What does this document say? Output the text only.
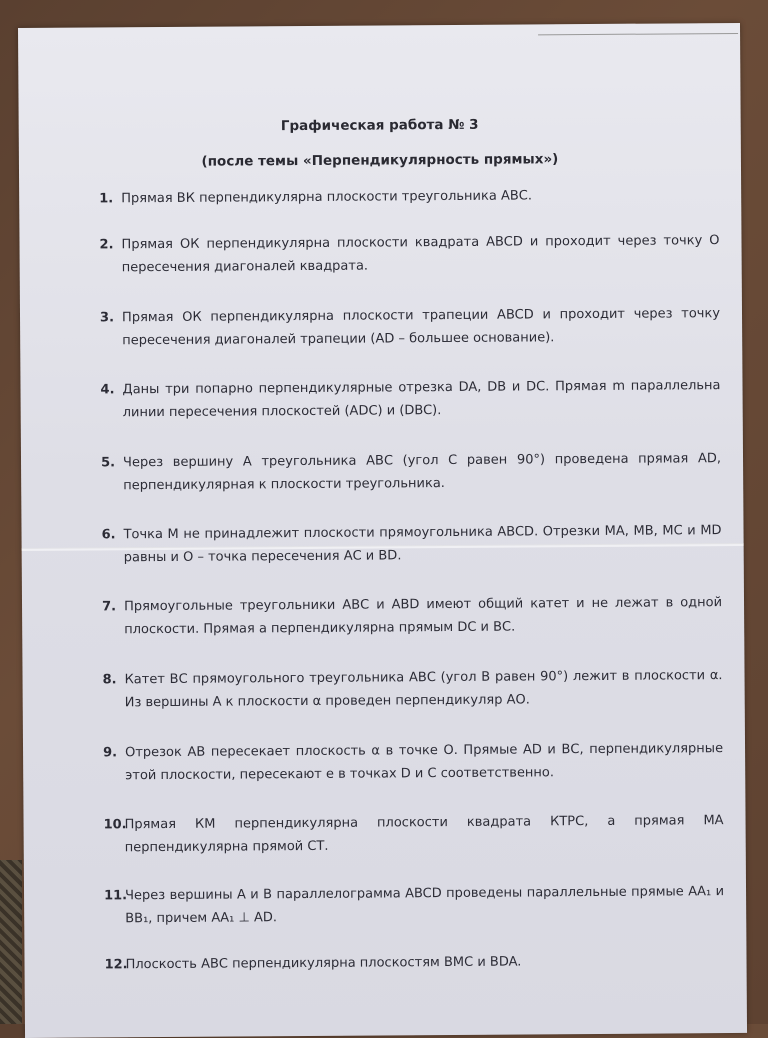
Графическая работа № 3
(после темы «Перпендикулярность прямых»)
1. Прямая ВК перпендикулярна плоскости треугольника АВС.
2. Прямая ОК перпендикулярна плоскости квадрата ABCD и проходит через точку О пересечения диагоналей квадрата.
3. Прямая ОК перпендикулярна плоскости трапеции ABCD и проходит через точку пересечения диагоналей трапеции (AD – большее основание).
4. Даны три попарно перпендикулярные отрезка DA, DB и DC. Прямая m параллельна линии пересечения плоскостей (ADC) и (DBC).
5. Через вершину А треугольника АВС (угол С равен 90°) проведена прямая AD, перпендикулярная к плоскости треугольника.
6. Точка М не принадлежит плоскости прямоугольника ABCD. Отрезки МА, МВ, МС и MD равны и О – точка пересечения АС и BD.
7. Прямоугольные треугольники АВС и ABD имеют общий катет и не лежат в одной плоскости. Прямая a перпендикулярна прямым DC и ВС.
8. Катет ВС прямоугольного треугольника АВС (угол В равен 90°) лежит в плоскости α. Из вершины А к плоскости α проведен перпендикуляр АО.
9. Отрезок АВ пересекает плоскость α в точке О. Прямые AD и ВС, перпендикулярные этой плоскости, пересекают е в точках D и С соответственно.
10.
Прямая КМ перпендикулярна плоскости квадрата КТРС, а прямая МА перпендикулярна прямой СТ.
11.
Через вершины А и В параллелограмма ABCD проведены параллельные прямые АА₁ и ВВ₁, причем АА₁ ⊥ AD.
12.
Плоскость АВС перпендикулярна плоскостям ВМС и BDA.
